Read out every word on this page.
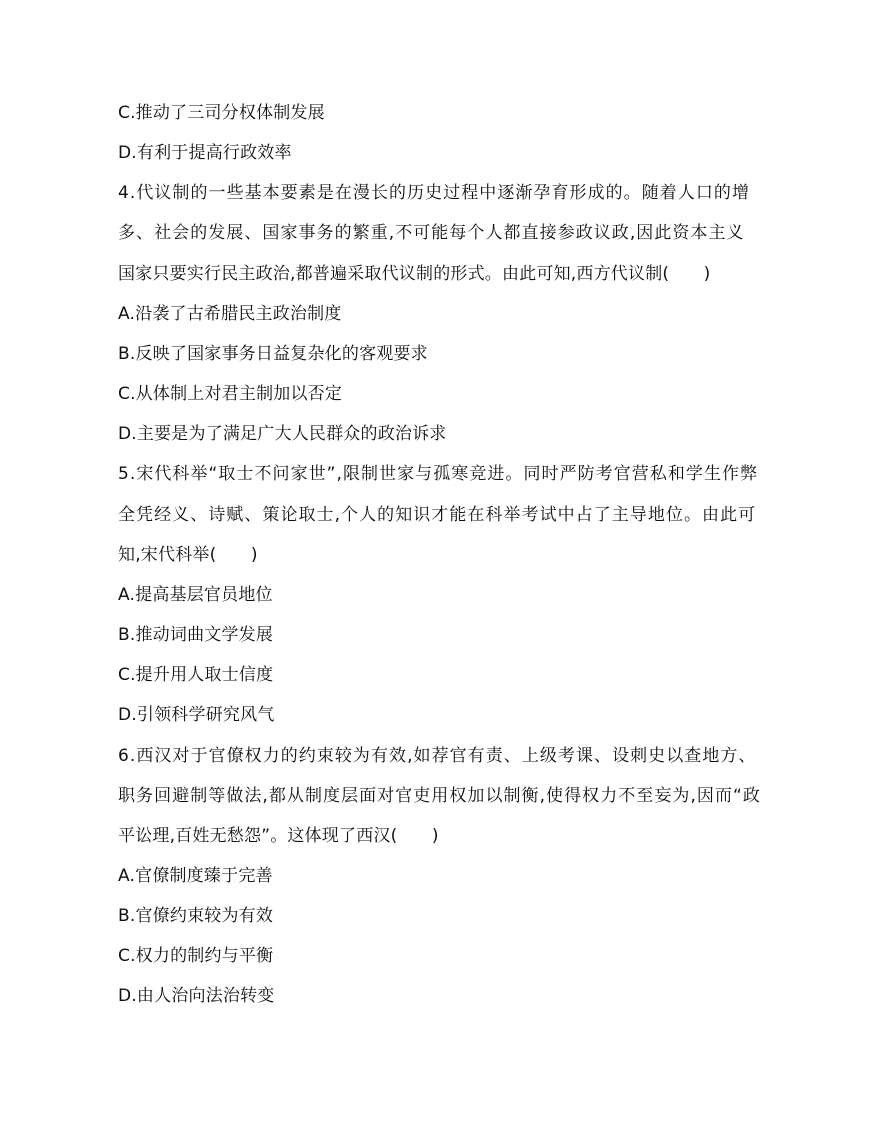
C.推动了三司分权体制发展
D.有利于提高行政效率
4.代议制的一些基本要素是在漫长的历史过程中逐渐孕育形成的。随着人口的增
多、社会的发展、国家事务的繁重,不可能每个人都直接参政议政,因此资本主义
国家只要实行民主政治,都普遍采取代议制的形式。由此可知,西方代议制(　　)
A.沿袭了古希腊民主政治制度
B.反映了国家事务日益复杂化的客观要求
C.从体制上对君主制加以否定
D.主要是为了满足广大人民群众的政治诉求
5.宋代科举“取士不问家世”,限制世家与孤寒竞进。同时严防考官营私和学生作弊
全凭经义、诗赋、策论取士,个人的知识才能在科举考试中占了主导地位。由此可
知,宋代科举(　　)
A.提高基层官员地位
B.推动词曲文学发展
C.提升用人取士信度
D.引领科学研究风气
6.西汉对于官僚权力的约束较为有效,如荐官有责、上级考课、设刺史以查地方、
职务回避制等做法,都从制度层面对官吏用权加以制衡,使得权力不至妄为,因而“政
平讼理,百姓无愁怨”。这体现了西汉(　　)
A.官僚制度臻于完善
B.官僚约束较为有效
C.权力的制约与平衡
D.由人治向法治转变
